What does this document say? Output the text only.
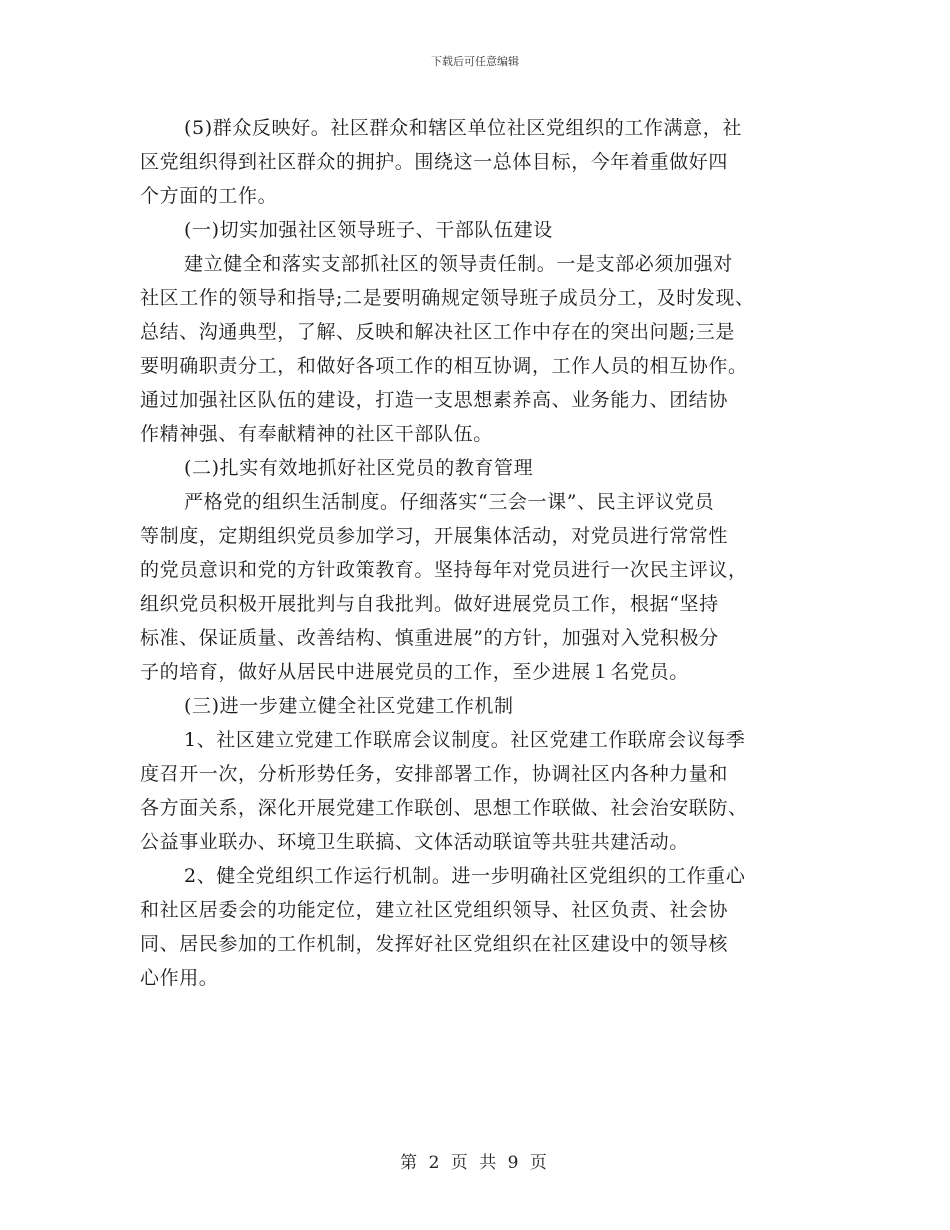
下载后可任意编辑
(5)群众反映好。社区群众和辖区单位社区党组织的工作满意，社
区党组织得到社区群众的拥护。围绕这一总体目标，今年着重做好四
个方面的工作。
(一)切实加强社区领导班子、干部队伍建设
建立健全和落实支部抓社区的领导责任制。一是支部必须加强对
社区工作的领导和指导;二是要明确规定领导班子成员分工，及时发现、
总结、沟通典型，了解、反映和解决社区工作中存在的突出问题;三是
要明确职责分工，和做好各项工作的相互协调，工作人员的相互协作。
通过加强社区队伍的建设，打造一支思想素养高、业务能力、团结协
作精神强、有奉献精神的社区干部队伍。
(二)扎实有效地抓好社区党员的教育管理
严格党的组织生活制度。仔细落实“三会一课”、民主评议党员
等制度，定期组织党员参加学习，开展集体活动，对党员进行常常性
的党员意识和党的方针政策教育。坚持每年对党员进行一次民主评议，
组织党员积极开展批判与自我批判。做好进展党员工作，根据“坚持
标准、保证质量、改善结构、慎重进展”的方针，加强对入党积极分
子的培育，做好从居民中进展党员的工作，至少进展１名党员。
(三)进一步建立健全社区党建工作机制
1、社区建立党建工作联席会议制度。社区党建工作联席会议每季
度召开一次，分析形势任务，安排部署工作，协调社区内各种力量和
各方面关系，深化开展党建工作联创、思想工作联做、社会治安联防、
公益事业联办、环境卫生联搞、文体活动联谊等共驻共建活动。
2、健全党组织工作运行机制。进一步明确社区党组织的工作重心
和社区居委会的功能定位，建立社区党组织领导、社区负责、社会协
同、居民参加的工作机制，发挥好社区党组织在社区建设中的领导核
心作用。
第 2 页 共 9 页
